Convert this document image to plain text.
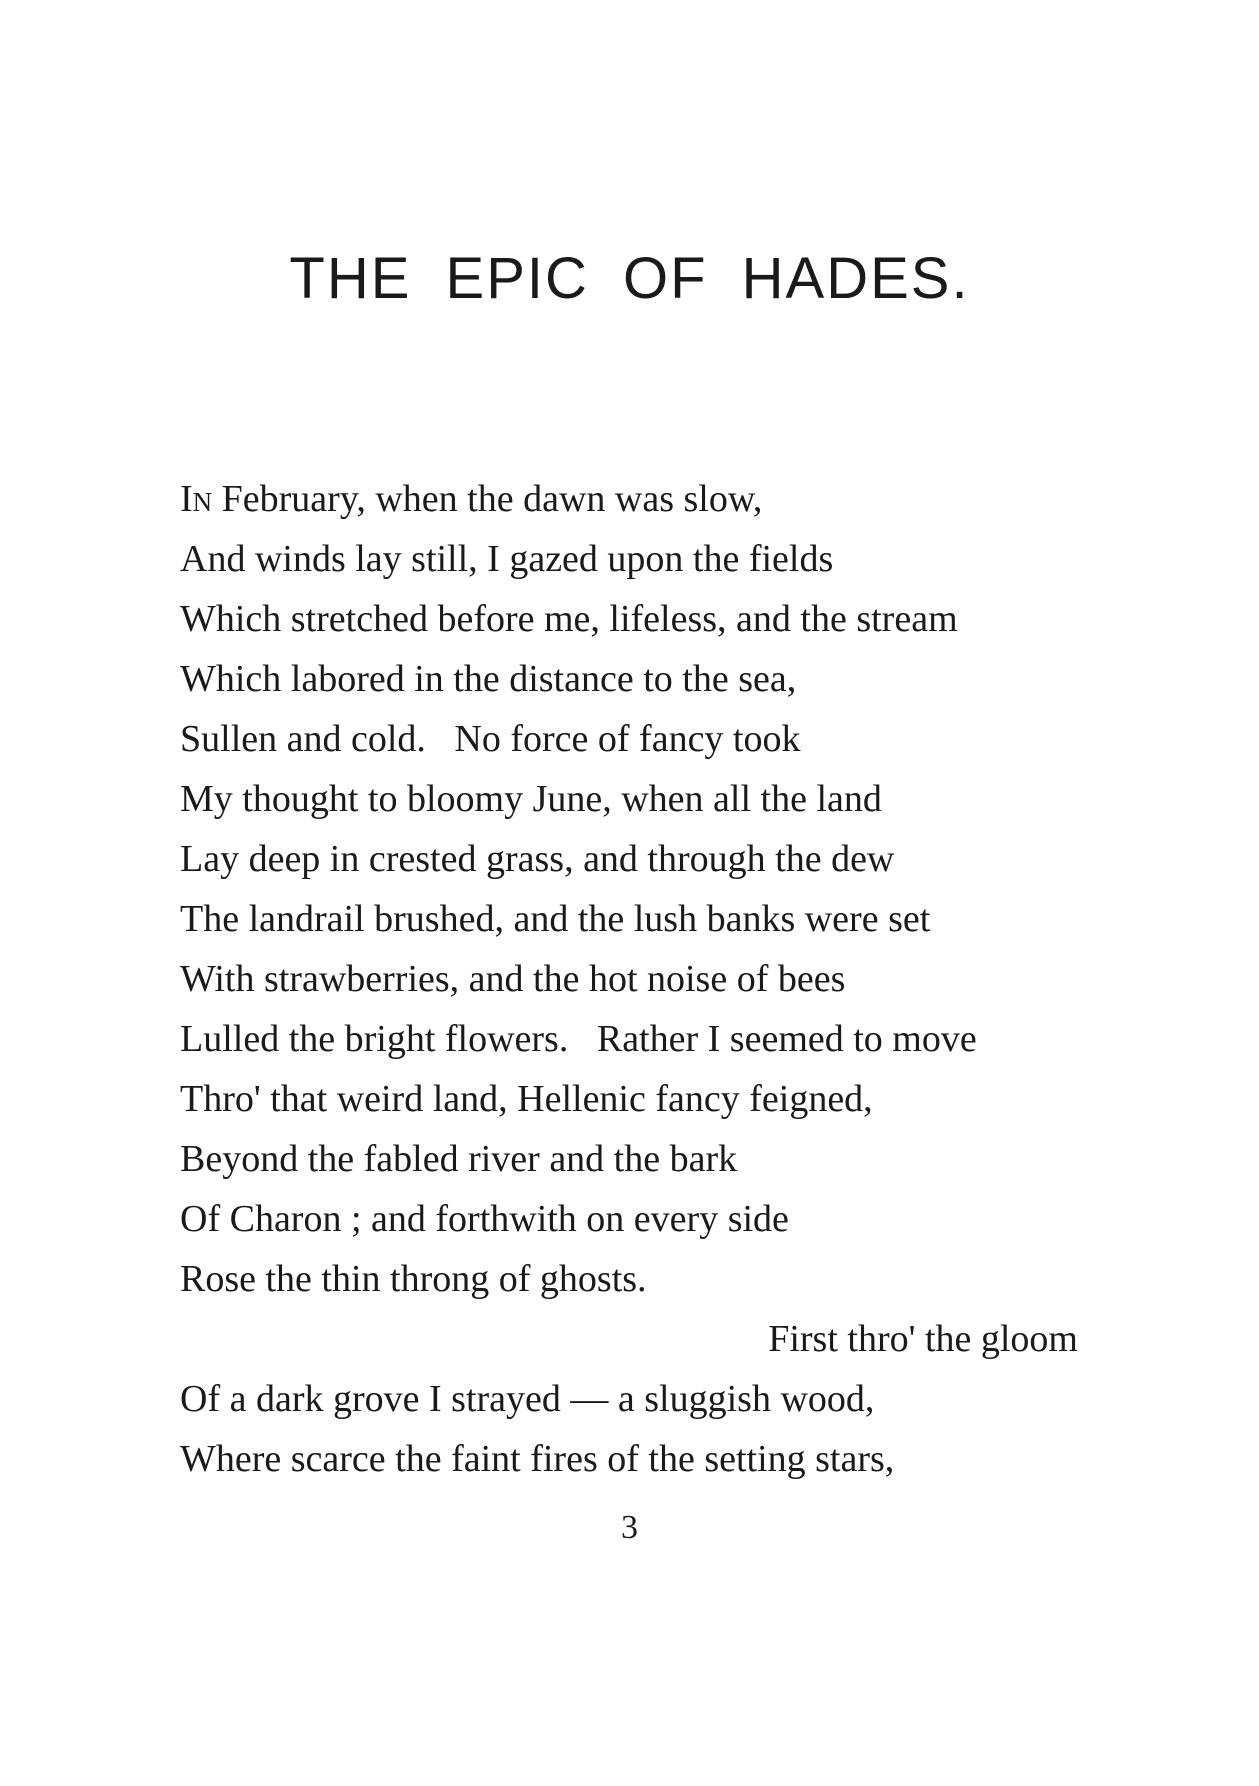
THE EPIC OF HADES.
In February, when the dawn was slow,
And winds lay still, I gazed upon the fields
Which stretched before me, lifeless, and the stream
Which labored in the distance to the sea,
Sullen and cold.   No force of fancy took
My thought to bloomy June, when all the land
Lay deep in crested grass, and through the dew
The landrail brushed, and the lush banks were set
With strawberries, and the hot noise of bees
Lulled the bright flowers.   Rather I seemed to move
Thro' that weird land, Hellenic fancy feigned,
Beyond the fabled river and the bark
Of Charon ; and forthwith on every side
Rose the thin throng of ghosts.
First thro' the gloom
Of a dark grove I strayed — a sluggish wood,
Where scarce the faint fires of the setting stars,
3
